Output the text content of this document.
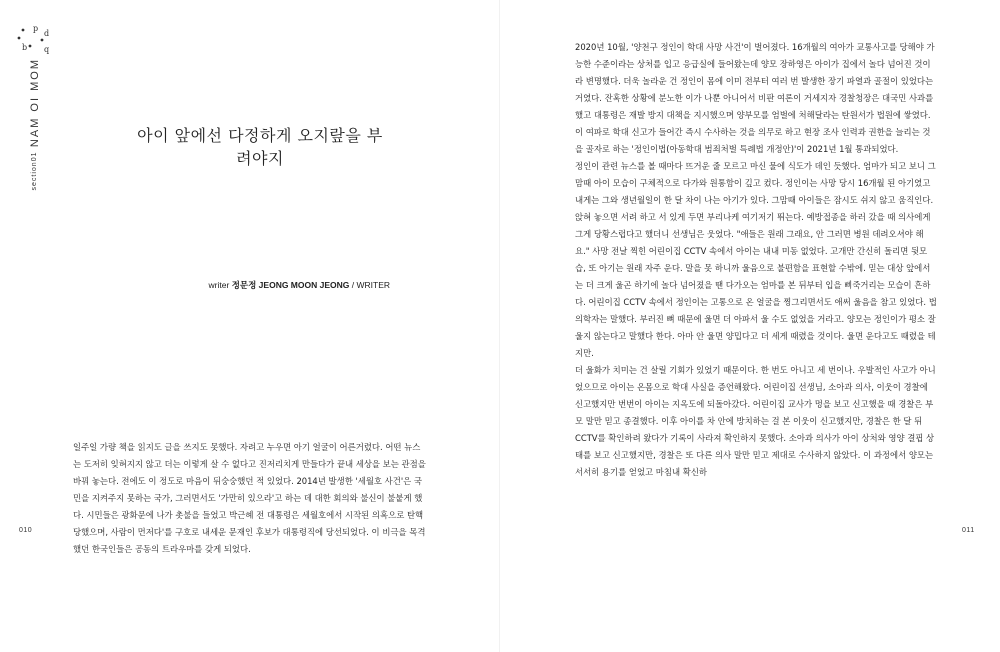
p
d
b q
section01 NAM OI MOM	아이 앞에선 다정하게 오지랖을 부려야지
writer 정문정 JEONG MOON JEONG / WRITER

일주일 가량 책을 읽지도 글을 쓰지도 못했다. 자려고 누우면 아기 얼굴이 어른거렸다. 어떤 뉴스는 도저히 잊혀지지 않고 더는 이렇게 살 수 없다고 진저리치게 만들다가 끝내 세상을 보는 관점을 바꿔 놓는다. 전에도 이 정도로 마음이 뒤숭숭했던 적 있었다. 2014년 발생한 '세월호 사건'은 국민을 지켜주지 못하는 국가, 그러면서도 '가만히 있으라'고 하는 데 대한 회의와 불신이 불붙게 했다. 시민들은 광화문에 나가 촛불을 들었고 박근혜 전 대통령은 세월호에서 시작된 의혹으로 탄핵당했으며, 사람이 먼저다'를 구호로 내세운 문재인 후보가 대통령직에 당선되었다. 이 비극을 목격했던 한국인들은 공동의 트라우마를 갖게 되었다.

010

2020년 10월, '양천구 정인이 학대 사망 사건'이 벌어졌다. 16개월의 여아가 교통사고를 당해야 가능한 수준이라는 상처를 입고 응급실에 들어왔는데 양모 장하영은 아이가 집에서 놀다 넘어진 것이라 변명했다. 더욱 놀라운 건 정인이 몸에 이미 전부터 여러 번 발생한 장기 파열과 골절이 있었다는 거였다. 잔혹한 상황에 분노한 이가 나뿐 아니어서 비판 여론이 거세지자 경찰청장은 대국민 사과를 했고 대통령은 재발 방지 대책을 지시했으며 양부모를 엄벌에 처해달라는 탄원서가 법원에 쌓였다. 이 여파로 학대 신고가 들어간 즉시 수사하는 것을 의무로 하고 현장 조사 인력과 권한을 늘리는 것을 골자로 하는 '정인이법(아동학대 범죄처벌 특례법 개정안)'이 2021년 1월 통과되었다.

정인이 관련 뉴스를 볼 때마다 뜨거운 줄 모르고 마신 물에 식도가 데인 듯했다. 엄마가 되고 보니 그맘때 아이 모습이 구체적으로 다가와 원통함이 깊고 컸다. 정인이는 사망 당시 16개월 된 아기였고 내게는 그와 생년월일이 한 달 차이 나는 아기가 있다. 그맘때 아이들은 잠시도 쉬지 않고 움직인다. 앉혀 놓으면 서려 하고 서 있게 두면 부리나케 여기저기 뛰는다. 예방접종을 하러 갔을 때 의사에게 그게 당황스럽다고 했더니 선생님은 웃었다. "애들은 원래 그래요, 안 그러면 병원 데려오셔야 해요." 사망 전날 찍힌 어린이집 CCTV 속에서 아이는 내내 미동 없었다. 고개만 간신히 돌리면 뒷모습, 또 아기는 원래 자주 운다. 말을 못 하니까 울음으로 불편함을 표현할 수밖에. 믿는 대상 앞에서는 더 크게 울곤 하기에 놀다 넘어졌을 땐 다가오는 엄마를 본 뒤부터 입을 삐죽거리는 모습이 흔하다. 어린이집 CCTV 속에서 정인이는 고통으로 온 얼굴을 찡그리면서도 애써 울음을 참고 있었다. 법의학자는 말했다. 부러진 뼈 때문에 울면 더 아파서 울 수도 없었을 거라고. 양모는 정인이가 평소 잘 울지 않는다고 말했다 한다. 아마 안 울면 양밉다고 더 세게 때렸을 것이다. 울면 운다고도 때렸을 테지만.

더 울화가 치미는 건 살릴 기회가 있었기 때문이다. 한 번도 아니고 세 번이나. 우발적인 사고가 아니었으므로 아이는 온몸으로 학대 사실을 증언해왔다. 어린이집 선생님, 소아과 의사, 이웃이 경찰에 신고했지만 번번이 아이는 지옥도에 되돌아갔다. 어린이집 교사가 멍을 보고 신고했을 때 경찰은 부모 말만 믿고 종결했다. 이후 아이를 차 안에 방치하는 걸 본 이웃이 신고했지만, 경찰은 한 달 뒤 CCTV를 확인하려 왔다가 기록이 사라져 확인하지 못했다. 소아과 의사가 아이 상처와 영양 결핍 상태를 보고 신고했지만, 경찰은 또 다른 의사 말만 믿고 제대로 수사하지 않았다. 이 과정에서 양모는 서서히 용기를 얻었고 마침내 확신하

011
